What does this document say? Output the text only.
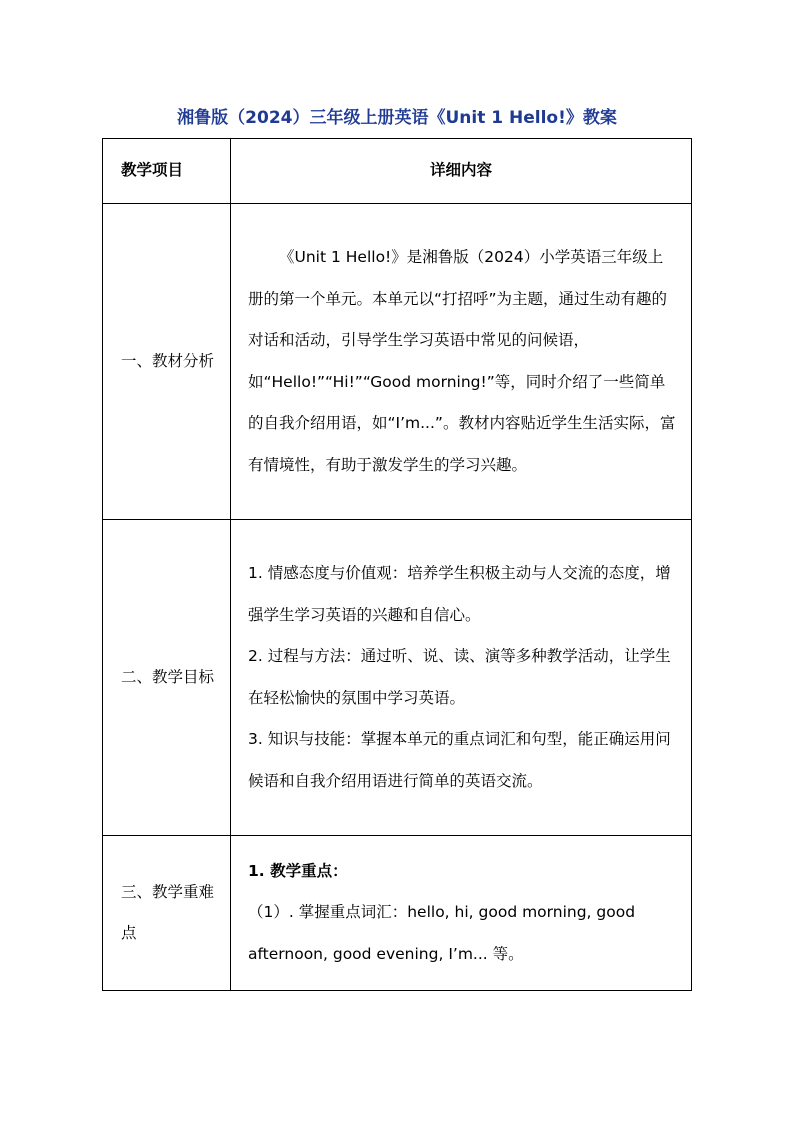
湘鲁版（2024）三年级上册英语《Unit 1 Hello!》教案
教学项目	详细内容
一、教材分析	《Unit 1 Hello!》是湘鲁版（2024）小学英语三年级上册的第一个单元。本单元以“打招呼”为主题，通过生动有趣的对话和活动，引导学生学习英语中常见的问候语，如“Hello!”“Hi!”“Good morning!”等，同时介绍了一些简单的自我介绍用语，如“I’m...”。教材内容贴近学生生活实际，富有情境性，有助于激发学生的学习兴趣。

二、教学目标	1. 情感态度与价值观：培养学生积极主动与人交流的态度，增强学生学习英语的兴趣和自信心。

2. 过程与方法：通过听、说、读、演等多种教学活动，让学生在轻松愉快的氛围中学习英语。

3. 知识与技能：掌握本单元的重点词汇和句型，能正确运用问候语和自我介绍用语进行简单的英语交流。

三、教学重难点	1. 教学重点：

（1）. 掌握重点词汇：hello, hi, good morning, good afternoon, good evening, I’m... 等。
